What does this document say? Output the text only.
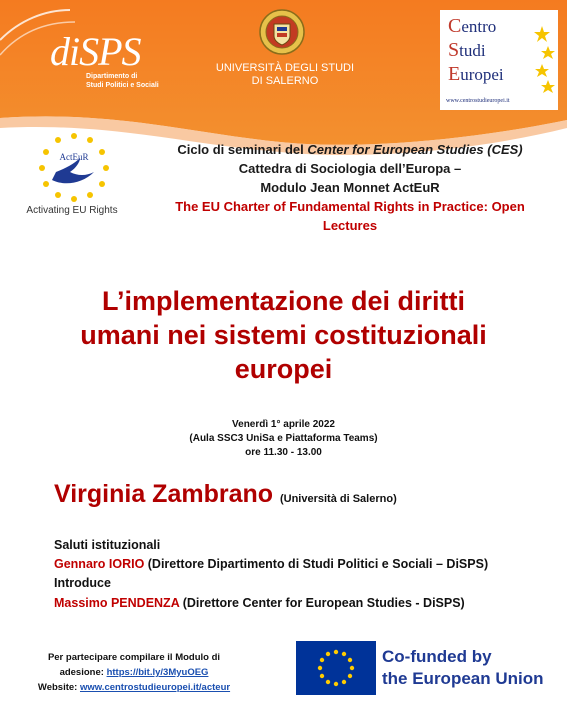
diSPS
Dipartimento di
Studi Politici e Sociali
UNIVERSITÀ DEGLI STUDI
DI SALERNO
Centro
Studi
Europei
www.centrostudieuropei.it
ActEuR
Activating EU Rights
Ciclo di seminari del Center for European Studies (CES)
Cattedra di Sociologia dell’Europa –
Modulo Jean Monnet ActEuR
The EU Charter of Fundamental Rights in Practice: Open
Lectures
L’implementazione dei diritti
umani nei sistemi costituzionali
europei
Venerdì 1° aprile 2022
(Aula SSC3 UniSa e Piattaforma Teams)
ore 11.30 - 13.00
Virginia Zambrano (Università di Salerno)
Saluti istituzionali
Gennaro IORIO (Direttore Dipartimento di Studi Politici e Sociali – DiSPS)
Introduce
Massimo PENDENZA (Direttore Center for European Studies - DiSPS)
Per partecipare compilare il Modulo di
adesione: https://bit.ly/3MyuOEG
Website: www.centrostudieuropei.it/acteur
Co-funded by
the European Union
